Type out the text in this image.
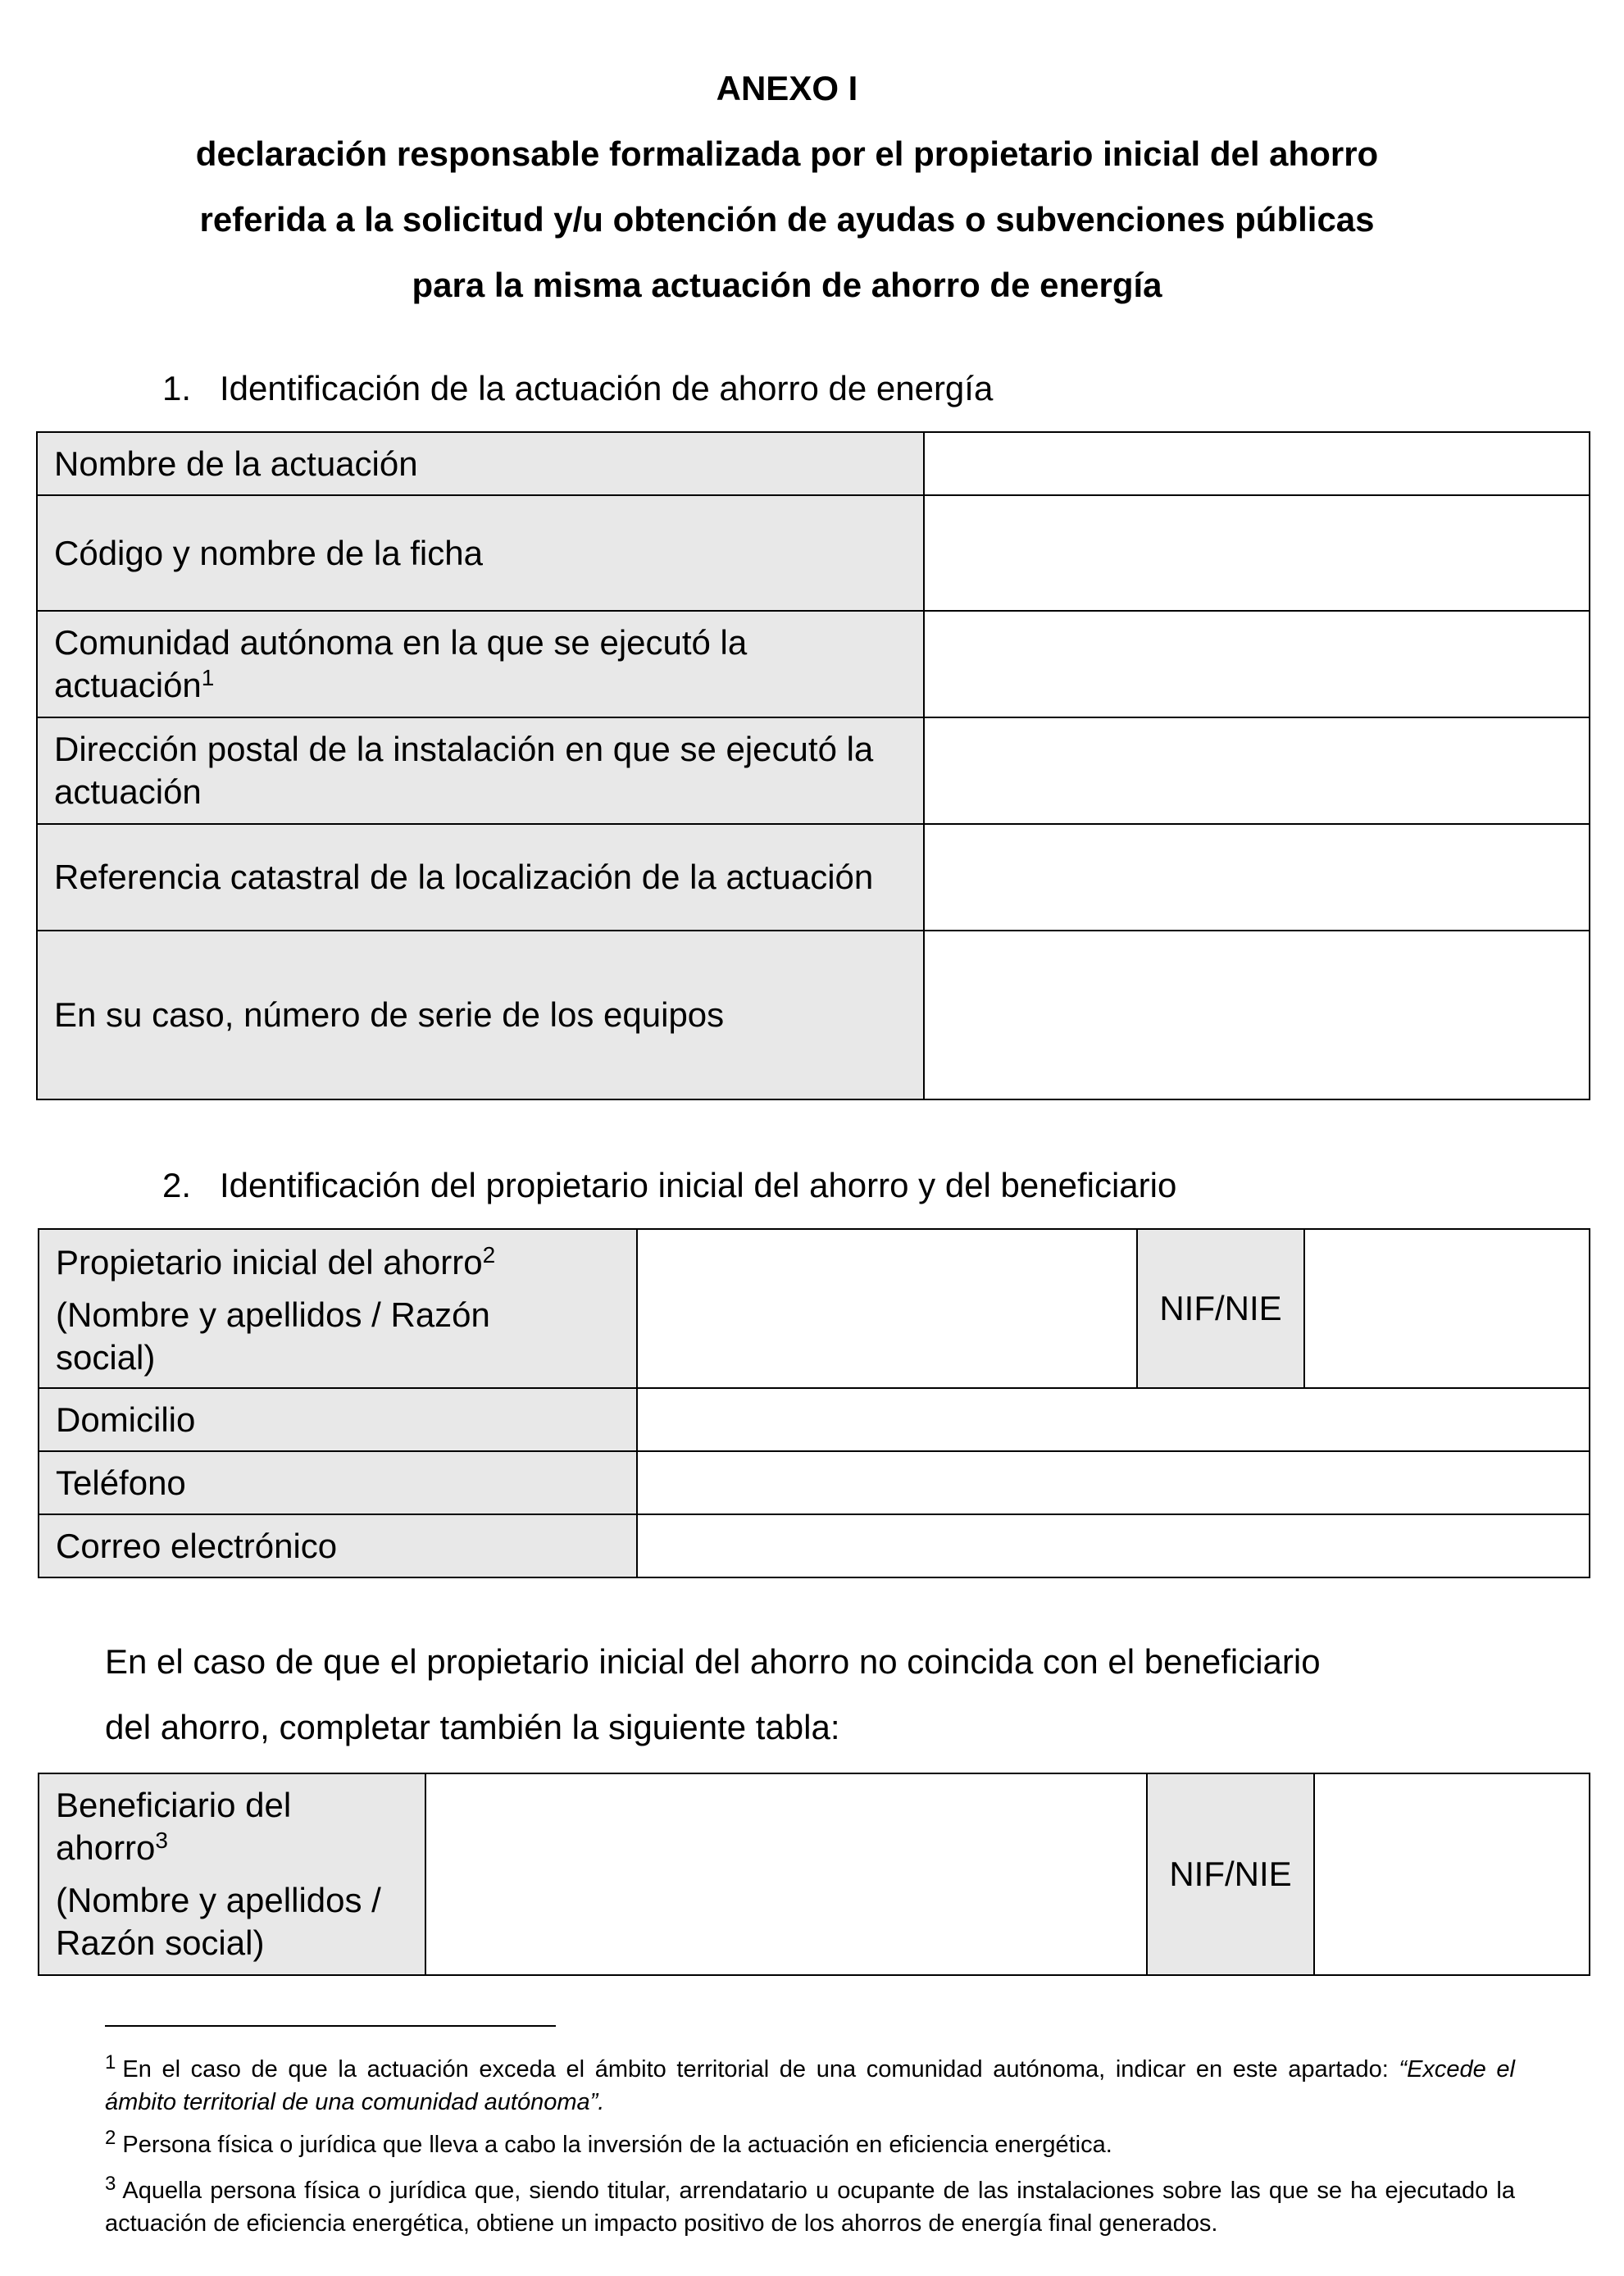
ANEXO I
declaración responsable formalizada por el propietario inicial del ahorro
referida a la solicitud y/u obtención de ayudas o subvenciones públicas
para la misma actuación de ahorro de energía
1. Identificación de la actuación de ahorro de energía
Nombre de la actuación	
Código y nombre de la ficha	
Comunidad autónoma en la que se ejecutó la actuación$^1$	
Dirección postal de la instalación en que se ejecutó la actuación	
Referencia catastral de la localización de la actuación	
En su caso, número de serie de los equipos	
2. Identificación del propietario inicial del ahorro y del beneficiario
Propietario inicial del ahorro$^2$
(Nombre y apellidos / Razón social)		NIF/NIE	
Domicilio			
Teléfono			
Correo electrónico			
En el caso de que el propietario inicial del ahorro no coincida con el beneficiario
del ahorro, completar también la siguiente tabla:
Beneficiario del ahorro$^3$
(Nombre y apellidos / Razón social)
		NIF/NIE	
$^1$ En el caso de que la actuación exceda el ámbito territorial de una comunidad autónoma, indicar en este apartado: “Excede el ámbito territorial de una comunidad autónoma”.
$^2$ Persona física o jurídica que lleva a cabo la inversión de la actuación en eficiencia energética.
$^3$ Aquella persona física o jurídica que, siendo titular, arrendatario u ocupante de las instalaciones sobre las que se ha ejecutado la actuación de eficiencia energética, obtiene un impacto positivo de los ahorros de energía final generados.
